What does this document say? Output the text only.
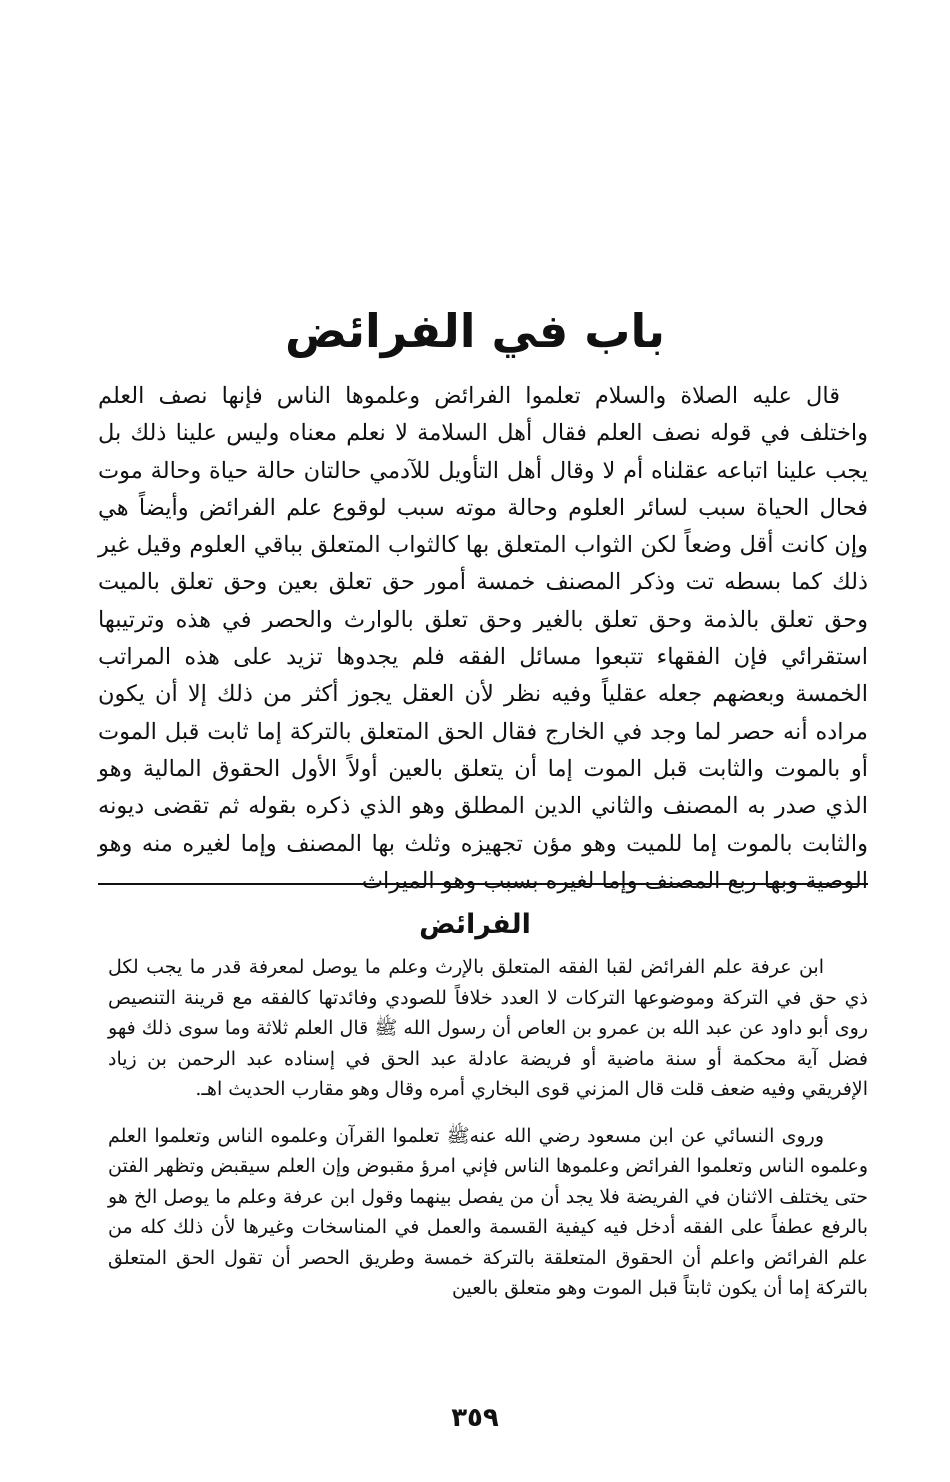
باب في الفرائض

قال عليه الصلاة والسلام تعلموا الفرائض وعلموها الناس فإنها نصف العلم واختلف في قوله نصف العلم فقال أهل السلامة لا نعلم معناه وليس علينا ذلك بل يجب علينا اتباعه عقلناه أم لا وقال أهل التأويل للآدمي حالتان حالة حياة وحالة موت فحال الحياة سبب لسائر العلوم وحالة موته سبب لوقوع علم الفرائض وأيضاً هي وإن كانت أقل وضعاً لكن الثواب المتعلق بها كالثواب المتعلق بباقي العلوم وقيل غير ذلك كما بسطه تت وذكر المصنف خمسة أمور حق تعلق بعين وحق تعلق بالميت وحق تعلق بالذمة وحق تعلق بالغير وحق تعلق بالوارث والحصر في هذه وترتيبها استقرائي فإن الفقهاء تتبعوا مسائل الفقه فلم يجدوها تزيد على هذه المراتب الخمسة وبعضهم جعله عقلياً وفيه نظر لأن العقل يجوز أكثر من ذلك إلا أن يكون مراده أنه حصر لما وجد في الخارج فقال الحق المتعلق بالتركة إما ثابت قبل الموت أو بالموت والثابت قبل الموت إما أن يتعلق بالعين أولاً الأول الحقوق المالية وهو الذي صدر به المصنف والثاني الدين المطلق وهو الذي ذكره بقوله ثم تقضى ديونه والثابت بالموت إما للميت وهو مؤن تجهيزه وثلث بها المصنف وإما لغيره منه وهو الوصية وبها ربع المصنف وإما لغيره بسبب وهو الميراث

الفرائض

ابن عرفة علم الفرائض لقبا الفقه المتعلق بالإرث وعلم ما يوصل لمعرفة قدر ما يجب لكل ذي حق في التركة وموضوعها التركات لا العدد خلافاً للصودي وفائدتها كالفقه مع قرينة التنصيص روى أبو داود عن عبد الله بن عمرو بن العاص أن رسول الله ﷺ قال العلم ثلاثة وما سوى ذلك فهو فضل آية محكمة أو سنة ماضية أو فريضة عادلة عبد الحق في إسناده عبد الرحمن بن زياد الإفريقي وفيه ضعف قلت قال المزني قوى البخاري أمره وقال وهو مقارب الحديث اهـ.

وروى النسائي عن ابن مسعود رضي الله عنهﷺ تعلموا القرآن وعلموه الناس وتعلموا العلم وعلموه الناس وتعلموا الفرائض وعلموها الناس فإني امرؤ مقبوض وإن العلم سيقبض وتظهر الفتن حتى يختلف الاثنان في الفريضة فلا يجد أن من يفصل بينهما وقول ابن عرفة وعلم ما يوصل الخ هو بالرفع عطفاً على الفقه أدخل فيه كيفية القسمة والعمل في المناسخات وغيرها لأن ذلك كله من علم الفرائض واعلم أن الحقوق المتعلقة بالتركة خمسة وطريق الحصر أن تقول الحق المتعلق بالتركة إما أن يكون ثابتاً قبل الموت وهو متعلق بالعين

٣٥٩
